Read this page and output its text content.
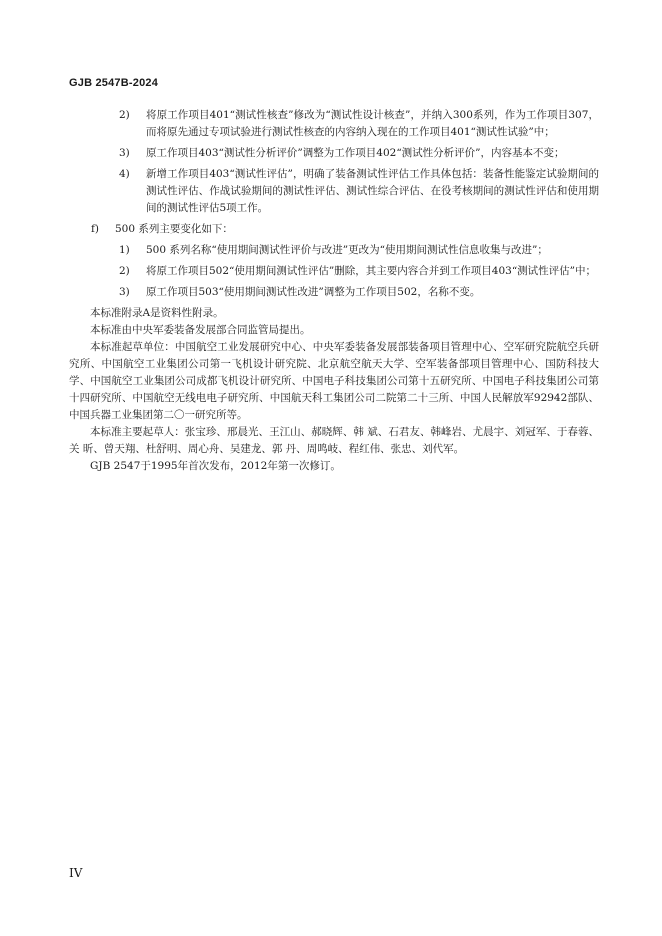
GJB 2547B-2024
2)	将原工作项目401“测试性核查”修改为“测试性设计核查”，并纳入300系列，作为工作项目307，而将原先通过专项试验进行测试性核查的内容纳入现在的工作项目401“测试性试验”中；
3)	原工作项目403“测试性分析评价”调整为工作项目402“测试性分析评价”，内容基本不变；
4)	新增工作项目403“测试性评估”，明确了装备测试性评估工作具体包括：装备性能鉴定试验期间的测试性评估、作战试验期间的测试性评估、测试性综合评估、在役考核期间的测试性评估和使用期间的测试性评估5项工作。
f)	500 系列主要变化如下：
1)	500 系列名称“使用期间测试性评价与改进”更改为“使用期间测试性信息收集与改进”；
2)	将原工作项目502“使用期间测试性评估”删除，其主要内容合并到工作项目403“测试性评估”中；
3)	原工作项目503“使用期间测试性改进”调整为工作项目502，名称不变。

本标准附录A是资料性附录。

本标准由中央军委装备发展部合同监管局提出。

本标准起草单位：中国航空工业发展研究中心、中央军委装备发展部装备项目管理中心、空军研究院航空兵研究所、中国航空工业集团公司第一飞机设计研究院、北京航空航天大学、空军装备部项目管理中心、国防科技大学、中国航空工业集团公司成都飞机设计研究所、中国电子科技集团公司第十五研究所、中国电子科技集团公司第十四研究所、中国航空无线电电子研究所、中国航天科工集团公司二院第二十三所、中国人民解放军92942部队、中国兵器工业集团第二〇一研究所等。

本标准主要起草人：张宝珍、邢晨光、王江山、郝晓辉、韩 斌、石君友、韩峰岩、尤晨宇、刘冠军、于春蓉、关 昕、曾天翔、杜舒明、周心舟、吴建龙、郭 丹、周鸣岐、程红伟、张忠、刘代军。

GJB 2547于1995年首次发布，2012年第一次修订。

IV
